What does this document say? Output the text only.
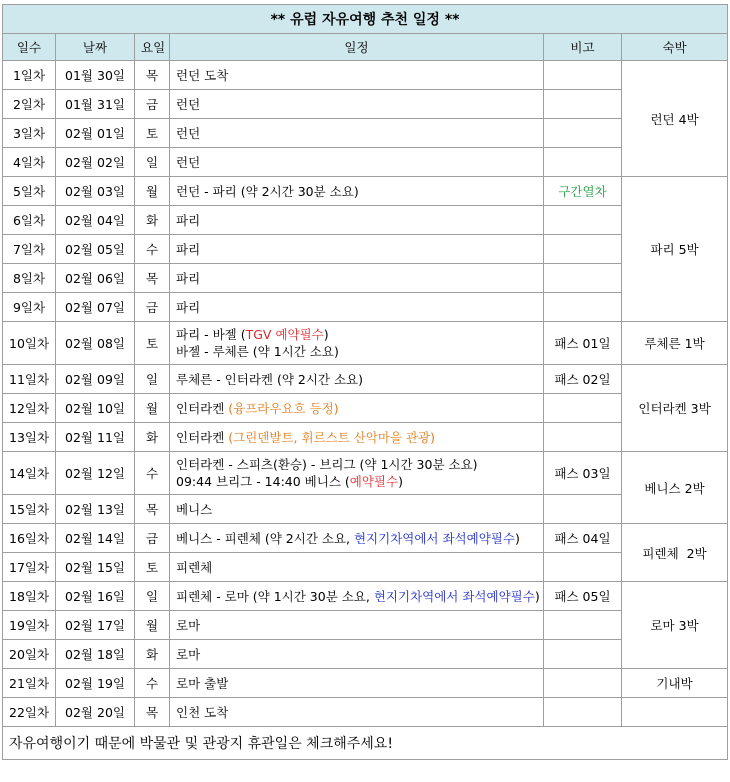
** 유럽 자유여행 추천 일정 **					
일수	날짜	요일	일정	비고	숙박
1일차	01월 30일	목	런던 도착		런던 4박
2일차	01월 31일	금	런던		
3일차	02월 01일	토	런던		
4일차	02월 02일	일	런던		
5일차	02월 03일	월	런던 - 파리 (약 2시간 30분 소요)	구간열차	파리 5박
6일차	02월 04일	화	파리		
7일차	02월 05일	수	파리		
8일차	02월 06일	목	파리		
9일차	02월 07일	금	파리		
10일차	02월 08일	토	파리 - 바젤 (TGV 예약필수)
바젤 - 루체른 (약 1시간 소요)	패스 01일	루체른 1박
11일차	02월 09일	일	루체른 - 인터라켄 (약 2시간 소요)	패스 02일	인터라켄 3박
12일차	02월 10일	월	인터라켄 (융프라우요흐 등정)		
13일차	02월 11일	화	인터라켄 (그린덴발트, 휘르스트 산악마을 관광)		
14일차	02월 12일	수	인터라켄 - 스피츠(환승) - 브리그 (약 1시간 30분 소요)
09:44 브리그 - 14:40 베니스 (예약필수)	패스 03일	베니스 2박
15일차	02월 13일	목	베니스		
16일차	02월 14일	금	베니스 - 피렌체 (약 2시간 소요, 현지기차역에서 좌석예약필수)	패스 04일	피렌체  2박
17일차	02월 15일	토	피렌체		
18일차	02월 16일	일	피렌체 - 로마 (약 1시간 30분 소요, 현지기차역에서 좌석예약필수)	패스 05일	로마 3박
19일차	02월 17일	월	로마		
20일차	02월 18일	화	로마		
21일차	02월 19일	수	로마 출발		기내박
22일차	02월 20일	목	인천 도착		
자유여행이기 때문에 박물관 및 관광지 휴관일은 체크해주세요!					
